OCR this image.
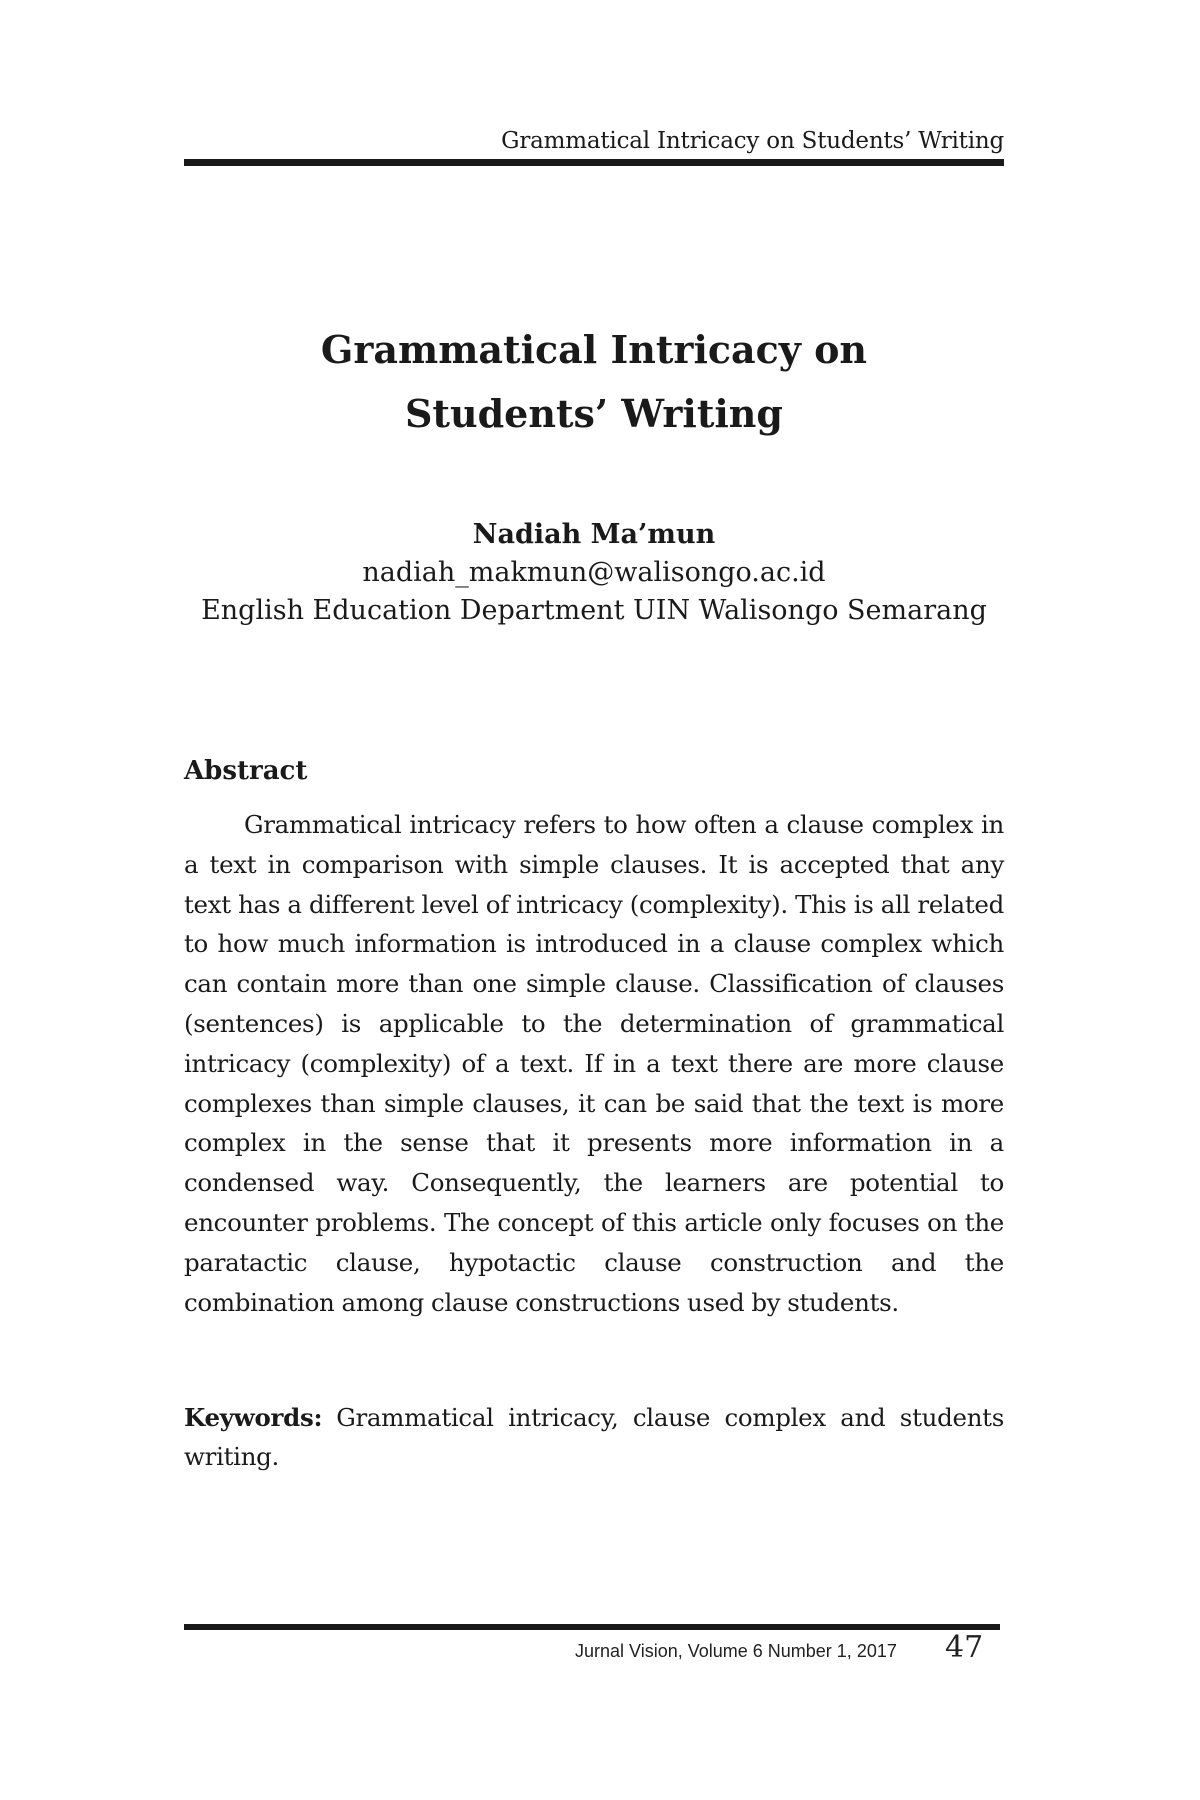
Grammatical Intricacy on Students’ Writing
Grammatical Intricacy on
Students’ Writing
Nadiah Ma’mun
nadiah_makmun@walisongo.ac.id
English Education Department UIN Walisongo Semarang
Abstract

Grammatical intricacy refers to how often a clause complex in a text in comparison with simple clauses. It is accepted that any text has a different level of intricacy (complexity). This is all related to how much information is introduced in a clause complex which can contain more than one simple clause. Classification of clauses (sentences) is applicable to the determination of grammatical intricacy (complexity) of a text. If in a text there are more clause complexes than simple clauses, it can be said that the text is more complex in the sense that it presents more information in a condensed way. Consequently, the learners are potential to encounter problems. The concept of this article only focuses on the paratactic clause, hypotactic clause construction and the combination among clause constructions used by students.

Keywords: Grammatical intricacy, clause complex and students writing.

Jurnal Vision, Volume 6 Number 1, 2017 47
